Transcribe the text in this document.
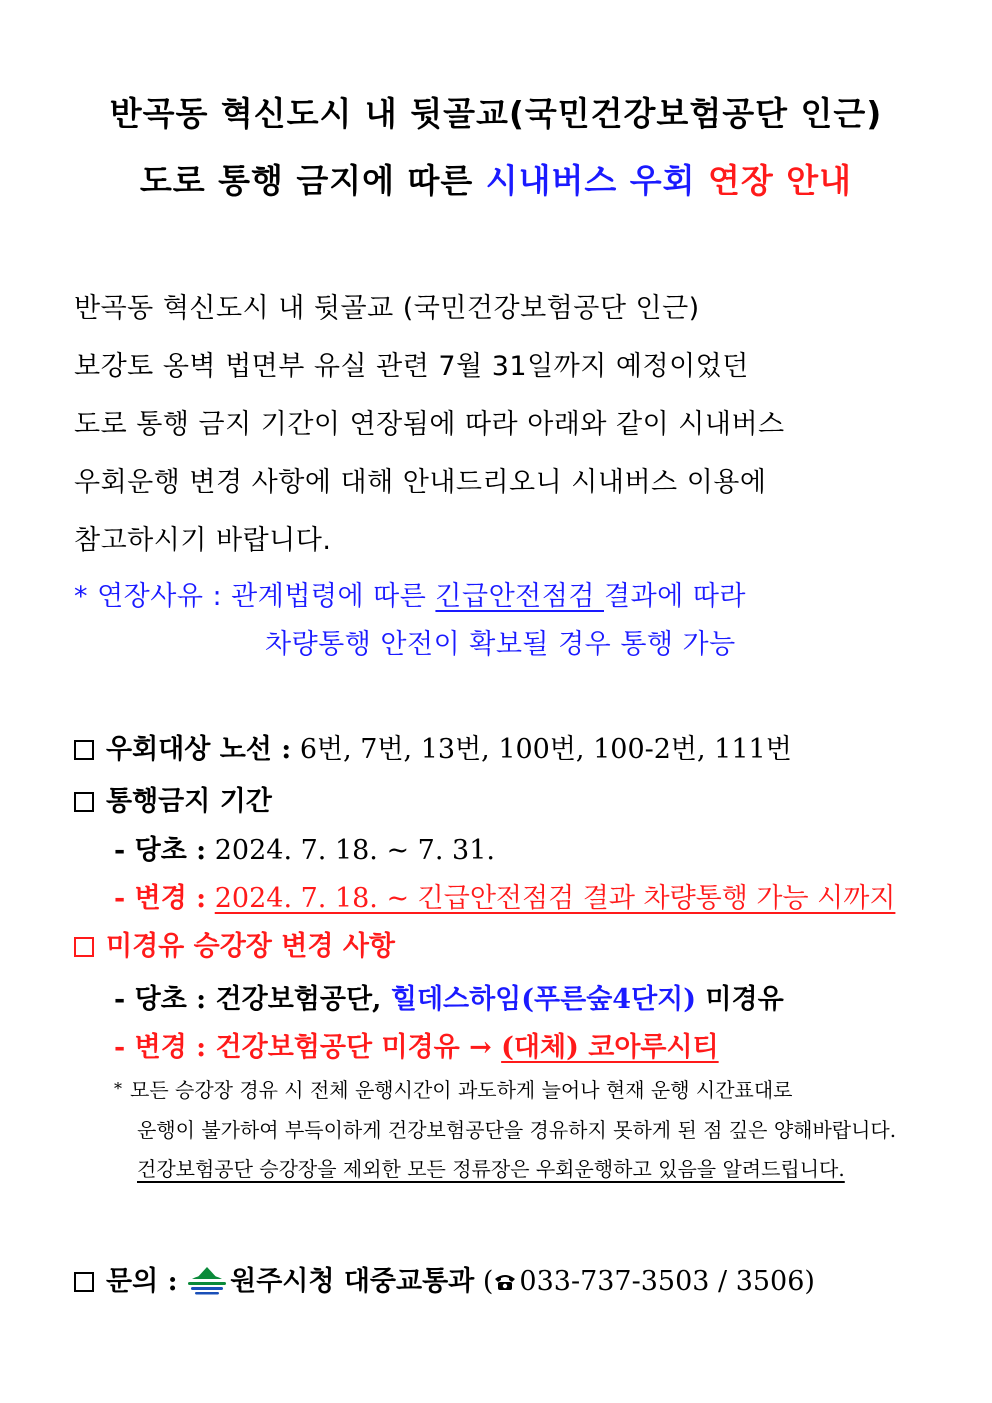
반곡동 혁신도시 내 뒷골교(국민건강보험공단 인근)
도로 통행 금지에 따른 시내버스 우회 연장 안내
반곡동 혁신도시 내 뒷골교 (국민건강보험공단 인근)
보강토 옹벽 법면부 유실 관련 7월 31일까지 예정이었던
도로 통행 금지 기간이 연장됨에 따라 아래와 같이 시내버스
우회운행 변경 사항에 대해 안내드리오니 시내버스 이용에
참고하시기 바랍니다.
* 연장사유 : 관계법령에 따른 긴급안전점검 결과에 따라
차량통행 안전이 확보될 경우 통행 가능
우회대상 노선 : 6번, 7번, 13번, 100번, 100-2번, 111번
통행금지 기간
- 당초 : 2024. 7. 18. ~ 7. 31.
- 변경 : 2024. 7. 18. ~ 긴급안전점검 결과 차량통행 가능 시까지
미경유 승강장 변경 사항
- 당초 : 건강보험공단, 힐데스하임(푸른숲4단지) 미경유
- 변경 : 건강보험공단 미경유 → (대체) 코아루시티
* 모든 승강장 경유 시 전체 운행시간이 과도하게 늘어나 현재 운행 시간표대로
운행이 불가하여 부득이하게 건강보험공단을 경유하지 못하게 된 점 깊은 양해바랍니다.
건강보험공단 승강장을 제외한 모든 정류장은 우회운행하고 있음을 알려드립니다.
문의 : 원주시청 대중교통과 ( 033-737-3503 / 3506)
